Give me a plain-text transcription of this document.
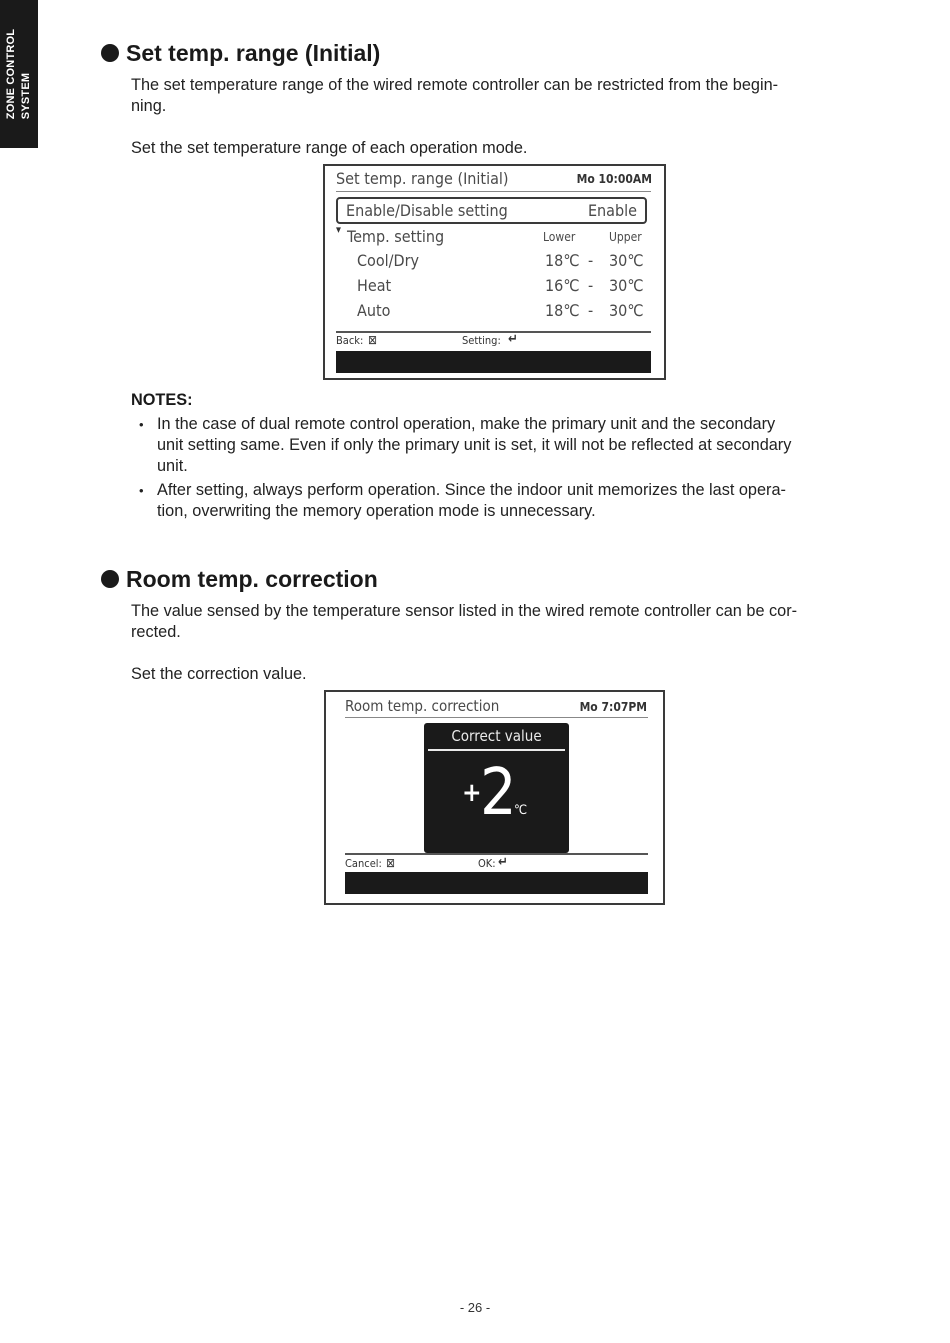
ZONE CONTROL SYSTEM
Set temp. range (Initial)

The set temperature range of the wired remote controller can be restricted from the begin-
ning.

Set the set temperature range of each operation mode.

Set temp. range (Initial)	Mo 10:00AM
Enable/Disable setting	Enable
▾ Temp. setting	Lower	Upper
Cool/Dry	18℃ - 30℃
Heat	16℃ - 30℃
Auto	18℃ - 30℃
Back: ⊠	Setting: ↵

NOTES:

• In the case of dual remote control operation, make the primary unit and the secondary
unit setting same. Even if only the primary unit is set, it will not be reflected at secondary
unit.
• After setting, always perform operation. Since the indoor unit memorizes the last opera-
tion, overwriting the memory operation mode is unnecessary.
Room temp. correction

The value sensed by the temperature sensor listed in the wired remote controller can be cor-
rected.

Set the correction value.

Room temp. correction	Mo 7:07PM
Correct value
+
2
℃
Cancel: ⊠	OK: ↵
- 26 -
